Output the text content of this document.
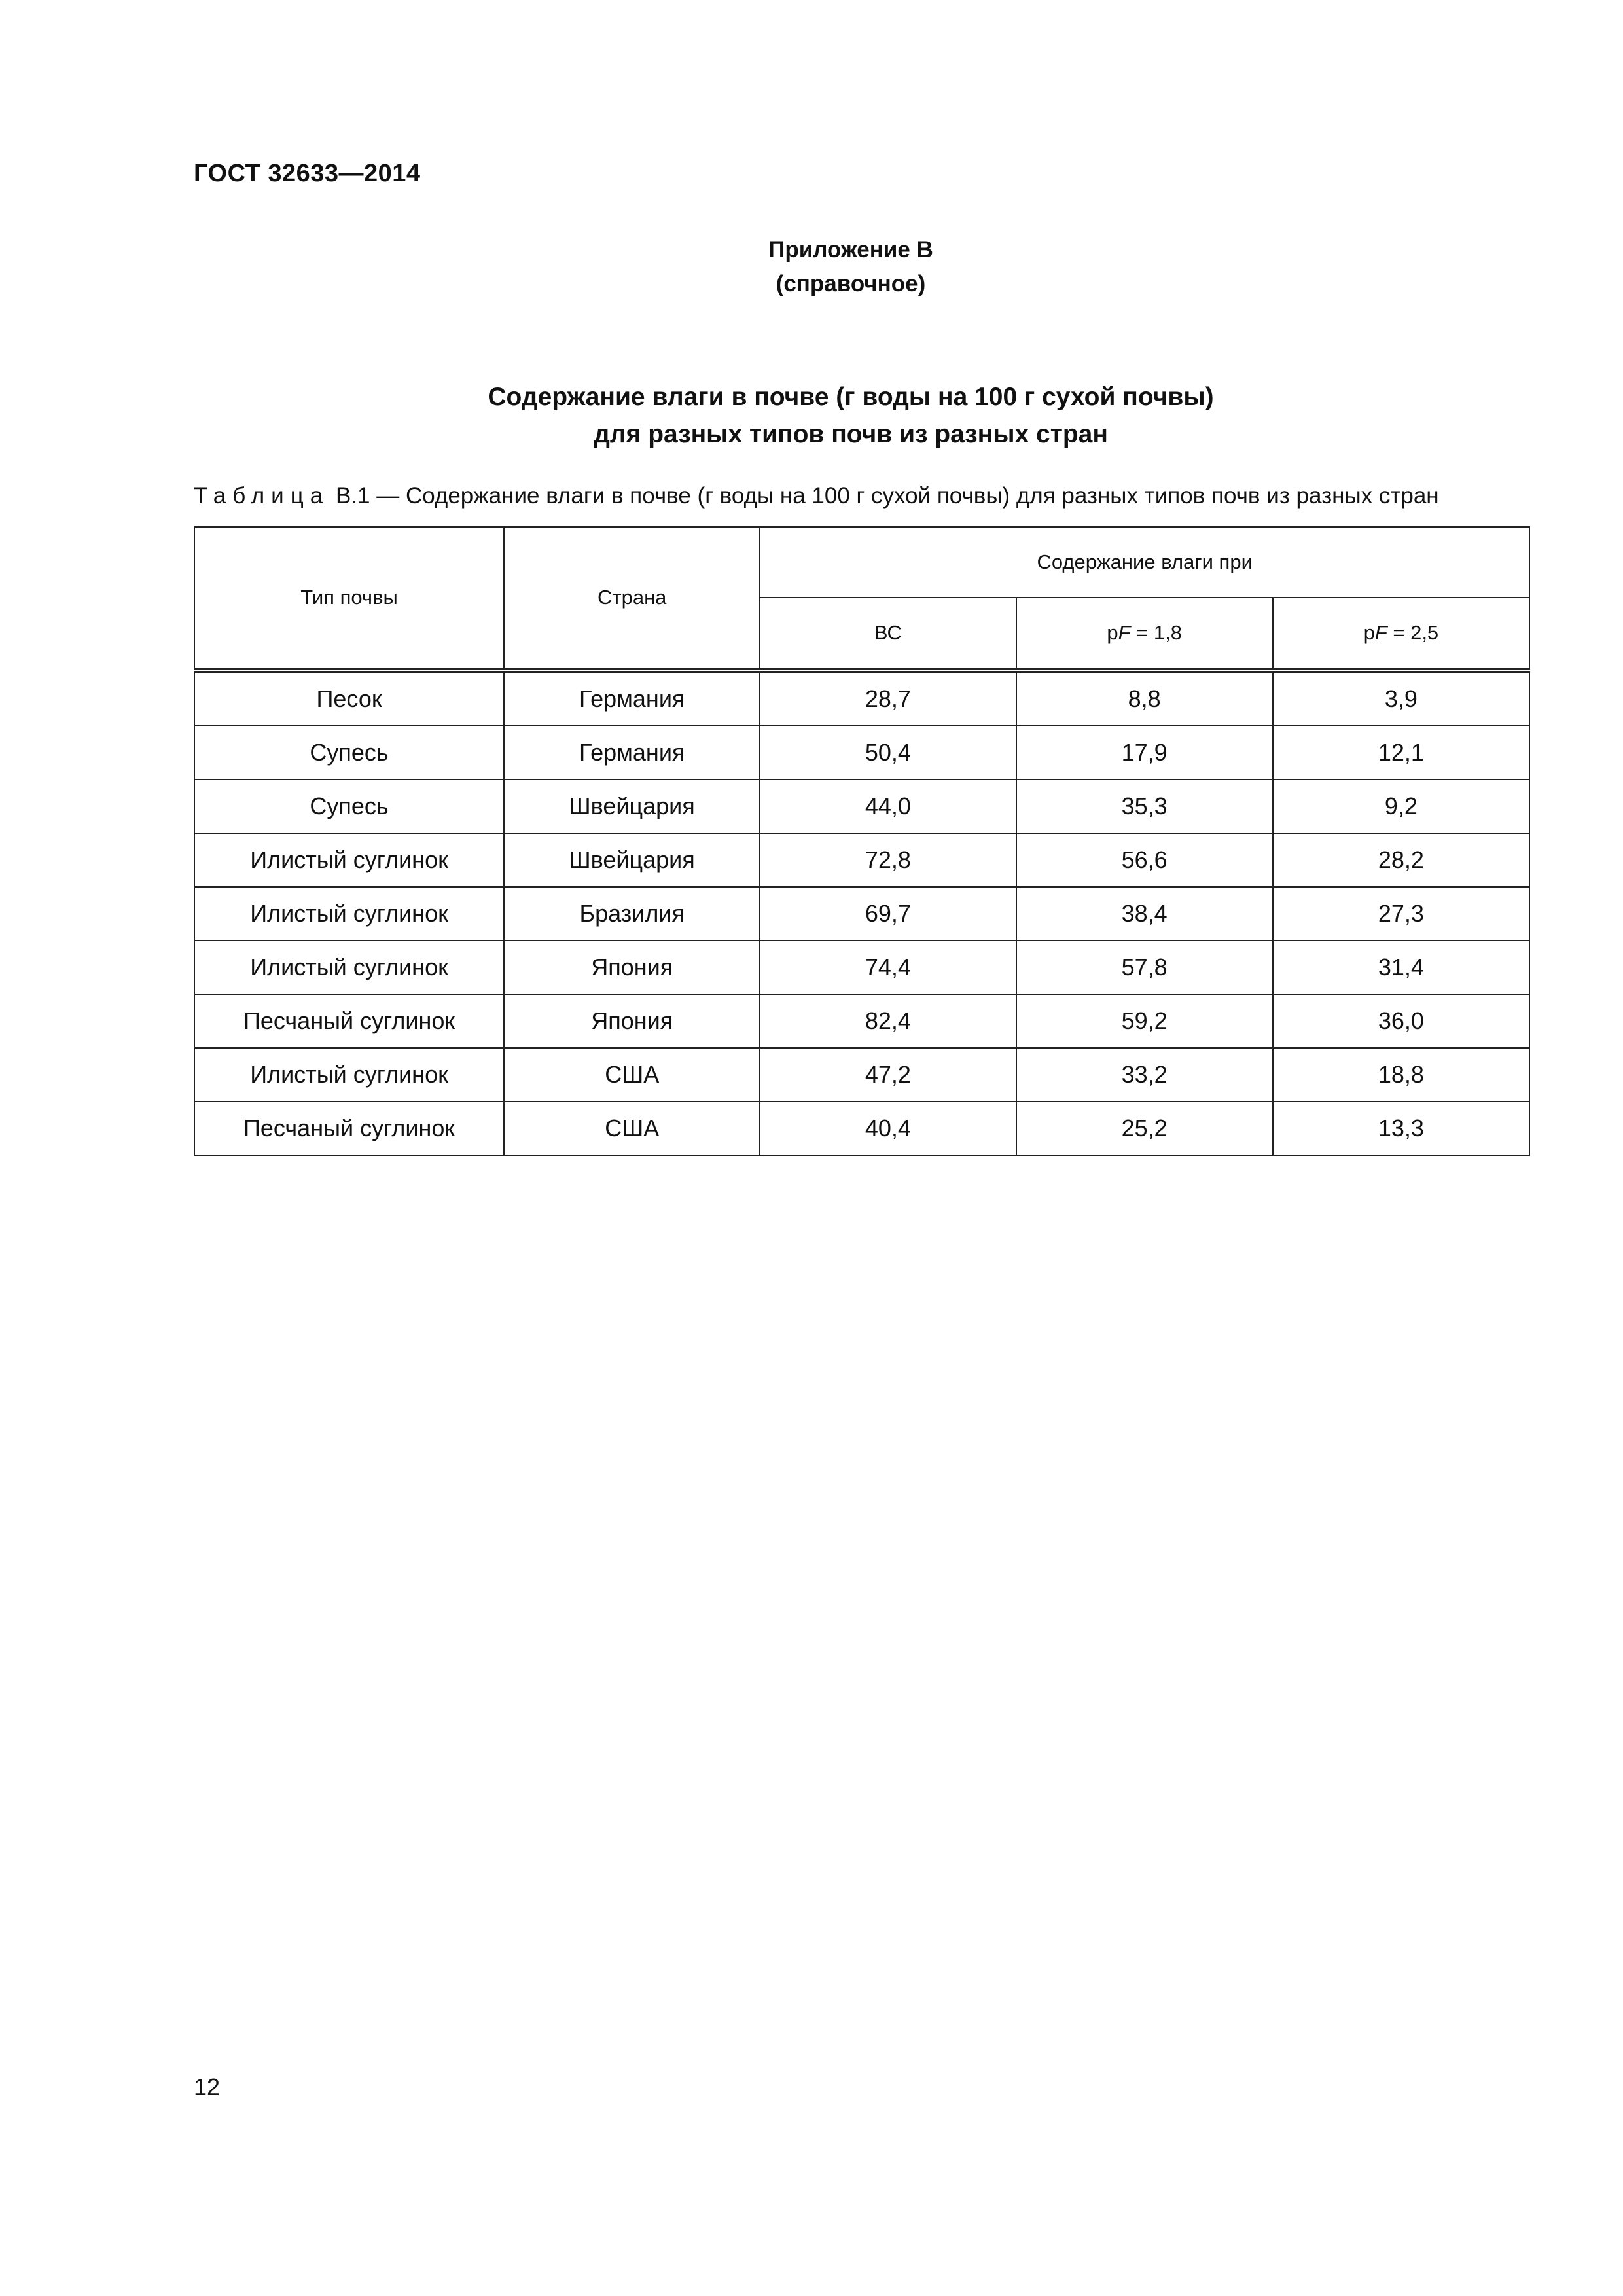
ГОСТ 32633—2014
Приложение В
(справочное)
Содержание влаги в почве (г воды на 100 г сухой почвы)
для разных типов почв из разных стран
Таблица В.1 — Содержание влаги в почве (г воды на 100 г сухой почвы) для разных типов почв из разных стран
Тип почвы	Страна	Содержание влаги при		
		ВС	pF = 1,8	pF = 2,5
Песок	Германия	28,7	8,8	3,9
Супесь	Германия	50,4	17,9	12,1
Супесь	Швейцария	44,0	35,3	9,2
Илистый суглинок	Швейцария	72,8	56,6	28,2
Илистый суглинок	Бразилия	69,7	38,4	27,3
Илистый суглинок	Япония	74,4	57,8	31,4
Песчаный суглинок	Япония	82,4	59,2	36,0
Илистый суглинок	США	47,2	33,2	18,8
Песчаный суглинок	США	40,4	25,2	13,3
12
